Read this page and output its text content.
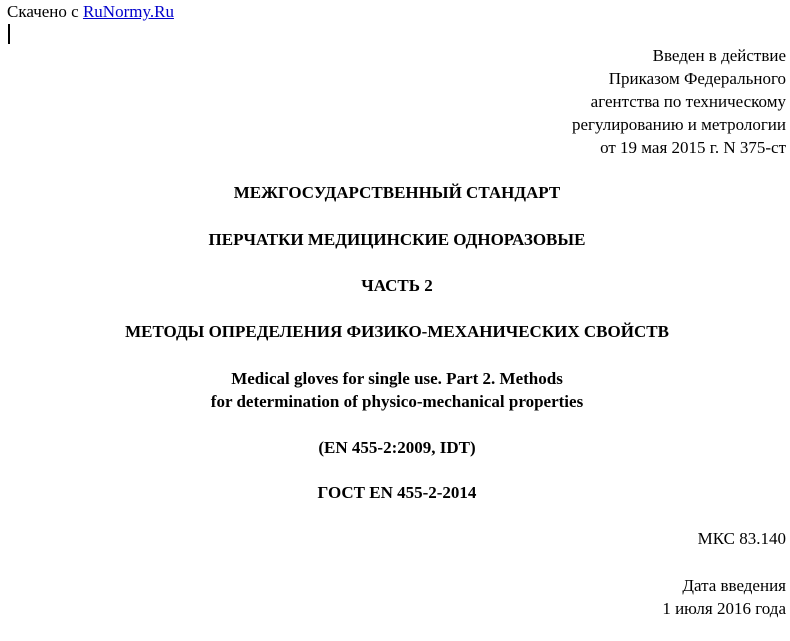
Скачено с RuNormy.Ru
Введен в действие
Приказом Федерального
агентства по техническому
регулированию и метрологии
от 19 мая 2015 г. N 375-ст
МЕЖГОСУДАРСТВЕННЫЙ СТАНДАРТ
ПЕРЧАТКИ МЕДИЦИНСКИЕ ОДНОРАЗОВЫЕ
ЧАСТЬ 2
МЕТОДЫ ОПРЕДЕЛЕНИЯ ФИЗИКО-МЕХАНИЧЕСКИХ СВОЙСТВ
Medical gloves for single use. Part 2. Methods
for determination of physico-mechanical properties
(EN 455-2:2009, IDT)
ГОСТ EN 455-2-2014
МКС 83.140
Дата введения
1 июля 2016 года
